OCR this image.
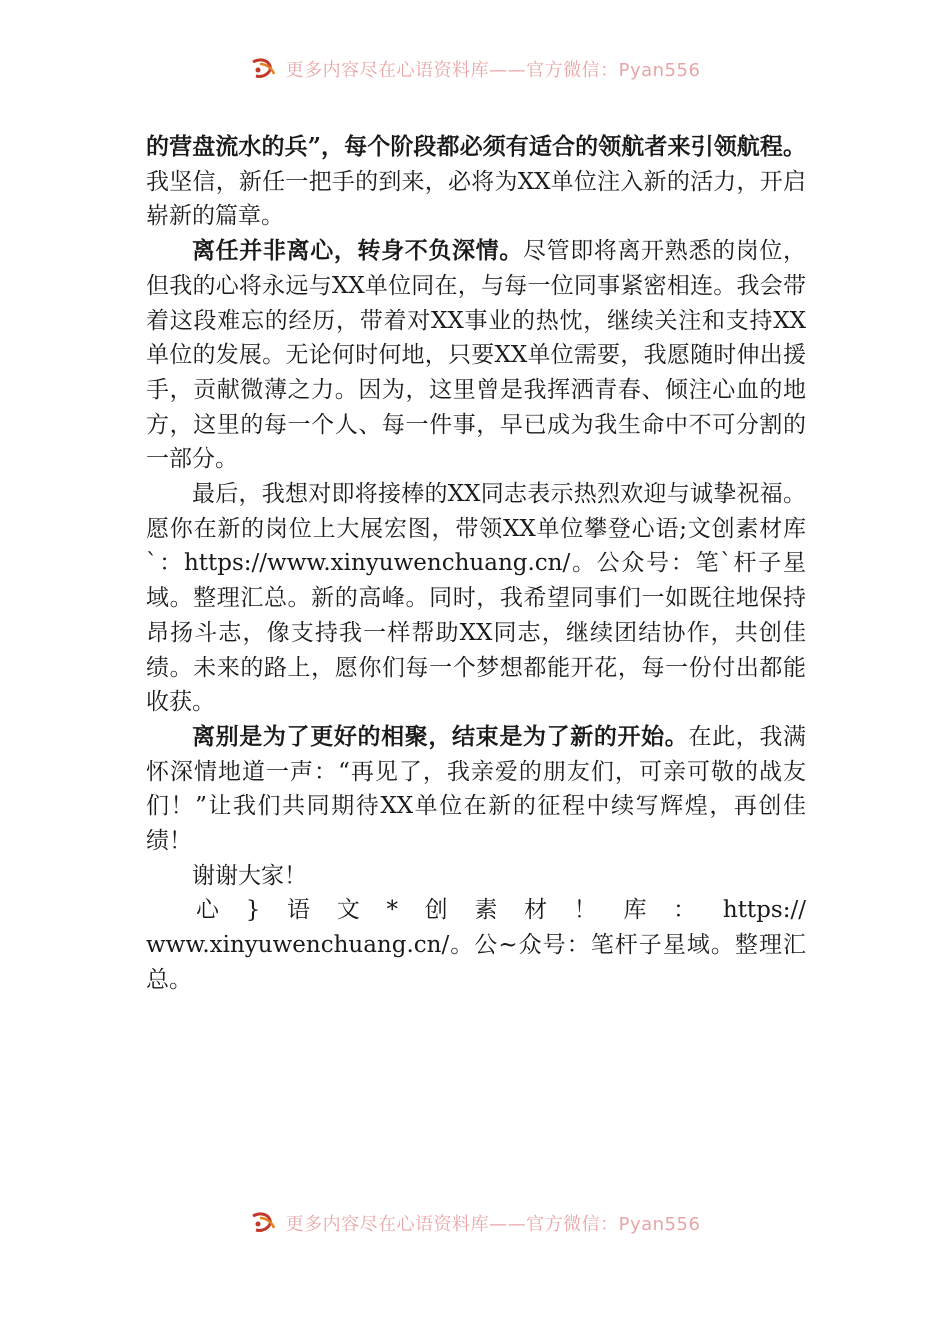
更多内容尽在心语资料库——官方微信：Pyan556

的营盘流水的兵”，每个阶段都必须有适合的领航者来引领航程。我坚信，新任一把手的到来，必将为XX单位注入新的活力，开启崭新的篇章。

离任并非离心，转身不负深情。尽管即将离开熟悉的岗位，但我的心将永远与XX单位同在，与每一位同事紧密相连。我会带着这段难忘的经历，带着对XX事业的热忱，继续关注和支持XX单位的发展。无论何时何地，只要XX单位需要，我愿随时伸出援手，贡献微薄之力。因为，这里曾是我挥洒青春、倾注心血的地方，这里的每一个人、每一件事，早已成为我生命中不可分割的一部分。

最后，我想对即将接棒的XX同志表示热烈欢迎与诚挚祝福。愿你在新的岗位上大展宏图，带领XX单位攀登心语;文创素材库`：https://www.xinyuwenchuang.cn/。公众号：笔`杆子星域。整理汇总。新的高峰。同时，我希望同事们一如既往地保持昂扬斗志，像支持我一样帮助XX同志，继续团结协作，共创佳绩。未来的路上，愿你们每一个梦想都能开花，每一份付出都能收获。

离别是为了更好的相聚，结束是为了新的开始。在此，我满怀深情地道一声：“再见了，我亲爱的朋友们，可亲可敬的战友们！”让我们共同期待XX单位在新的征程中续写辉煌，再创佳绩！

谢谢大家！

心 } 语 文 * 创 素 材 ！ 库 ： https://

www.xinyuwenchuang.cn/。公~众号：笔杆子星域。整理汇总。

更多内容尽在心语资料库——官方微信：Pyan556
